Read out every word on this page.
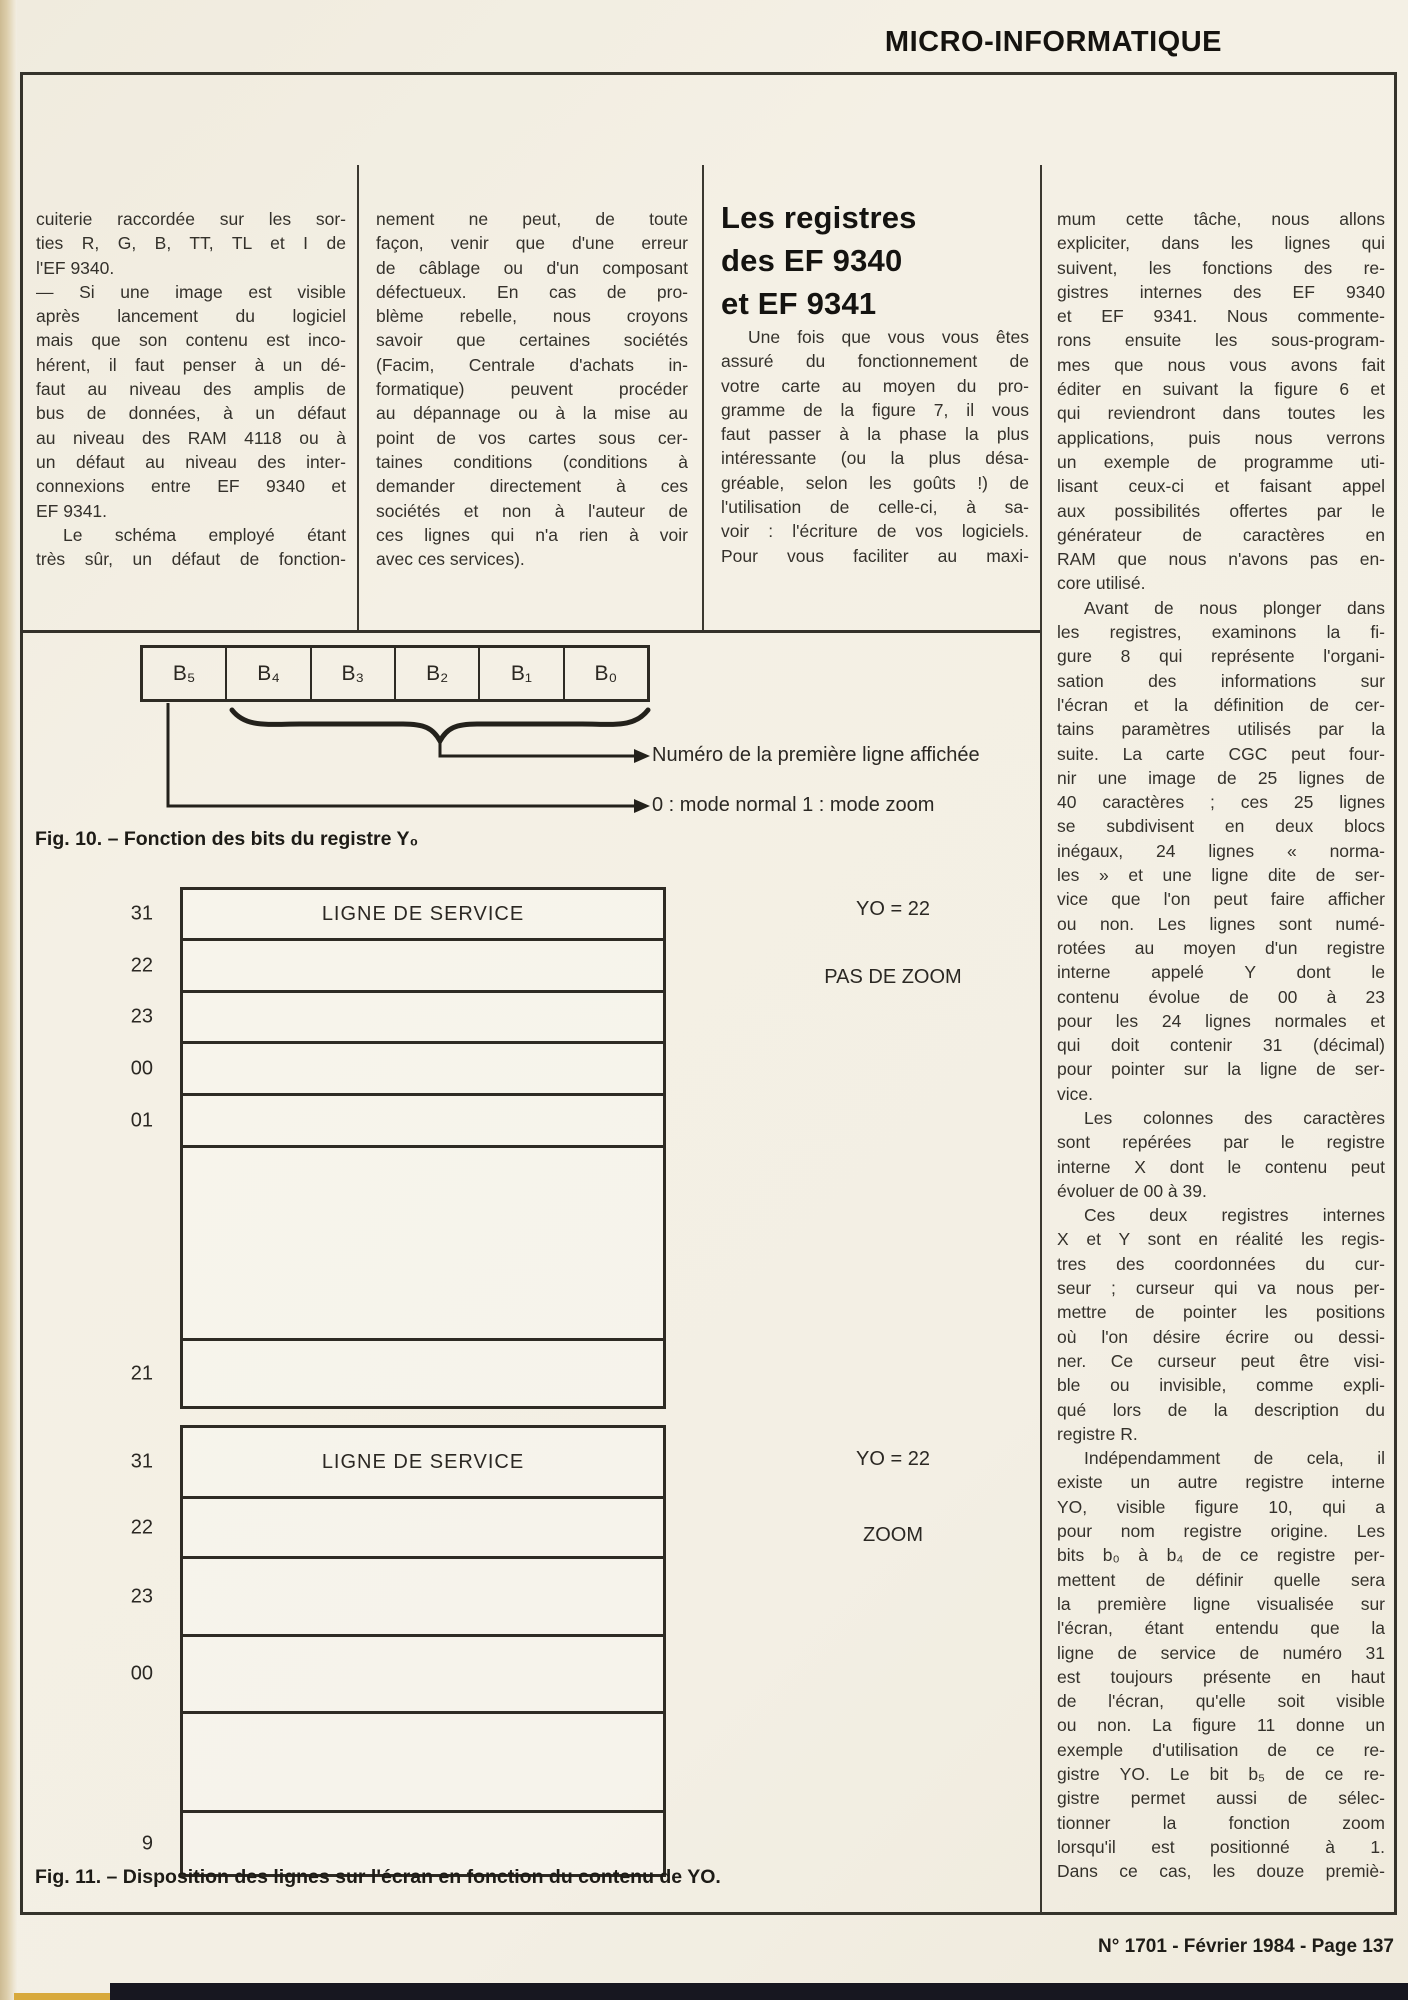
MICRO-INFORMATIQUE
cuiterie raccordée sur les sor-
ties R, G, B, TT, TL et I de
l'EF 9340.
— Si une image est visible
après lancement du logiciel
mais que son contenu est inco-
hérent, il faut penser à un dé-
faut au niveau des amplis de
bus de données, à un défaut
au niveau des RAM 4118 ou à
un défaut au niveau des inter-
connexions entre EF 9340 et
EF 9341.
Le schéma employé étant
très sûr, un défaut de fonction-
nement ne peut, de toute
façon, venir que d'une erreur
de câblage ou d'un composant
défectueux. En cas de pro-
blème rebelle, nous croyons
savoir que certaines sociétés
(Facim, Centrale d'achats in-
formatique) peuvent procéder
au dépannage ou à la mise au
point de vos cartes sous cer-
taines conditions (conditions à
demander directement à ces
sociétés et non à l'auteur de
ces lignes qui n'a rien à voir
avec ces services).
Les registres
des EF 9340
et EF 9341
Une fois que vous vous êtes
assuré du fonctionnement de
votre carte au moyen du pro-
gramme de la figure 7, il vous
faut passer à la phase la plus
intéressante (ou la plus désa-
gréable, selon les goûts !) de
l'utilisation de celle-ci, à sa-
voir : l'écriture de vos logiciels.
Pour vous faciliter au maxi-
mum cette tâche, nous allons
expliciter, dans les lignes qui
suivent, les fonctions des re-
gistres internes des EF 9340
et EF 9341. Nous commente-
rons ensuite les sous-program-
mes que nous vous avons fait
éditer en suivant la figure 6 et
qui reviendront dans toutes les
applications, puis nous verrons
un exemple de programme uti-
lisant ceux-ci et faisant appel
aux possibilités offertes par le
générateur de caractères en
RAM que nous n'avons pas en-
core utilisé.
Avant de nous plonger dans
les registres, examinons la fi-
gure 8 qui représente l'organi-
sation des informations sur
l'écran et la définition de cer-
tains paramètres utilisés par la
suite. La carte CGC peut four-
nir une image de 25 lignes de
40 caractères ; ces 25 lignes
se subdivisent en deux blocs
inégaux, 24 lignes « norma-
les » et une ligne dite de ser-
vice que l'on peut faire afficher
ou non. Les lignes sont numé-
rotées au moyen d'un registre
interne appelé Y dont le
contenu évolue de 00 à 23
pour les 24 lignes normales et
qui doit contenir 31 (décimal)
pour pointer sur la ligne de ser-
vice.
Les colonnes des caractères
sont repérées par le registre
interne X dont le contenu peut
évoluer de 00 à 39.
Ces deux registres internes
X et Y sont en réalité les regis-
tres des coordonnées du cur-
seur ; curseur qui va nous per-
mettre de pointer les positions
où l'on désire écrire ou dessi-
ner. Ce curseur peut être visi-
ble ou invisible, comme expli-
qué lors de la description du
registre R.
Indépendamment de cela, il
existe un autre registre interne
YO, visible figure 10, qui a
pour nom registre origine. Les
bits b₀ à b₄ de ce registre per-
mettent de définir quelle sera
la première ligne visualisée sur
l'écran, étant entendu que la
ligne de service de numéro 31
est toujours présente en haut
de l'écran, qu'elle soit visible
ou non. La figure 11 donne un
exemple d'utilisation de ce re-
gistre YO. Le bit b₅ de ce re-
gistre permet aussi de sélec-
tionner la fonction zoom
lorsqu'il est positionné à 1.
Dans ce cas, les douze premiè-
B₅	B₄	B₃	B₂	B₁	B₀
Numéro de la première ligne affichée
0 : mode normal 1 : mode zoom
Fig. 10. – Fonction des bits du registre Y₀
31	LIGNE DE SERVICE
22
23
00
01
21
YO = 22
PAS DE ZOOM
31	LIGNE DE SERVICE
22
23
00
9
YO = 22
ZOOM
Fig. 11. – Disposition des lignes sur l'écran en fonction du contenu de YO.
N° 1701 - Février 1984 - Page 137
